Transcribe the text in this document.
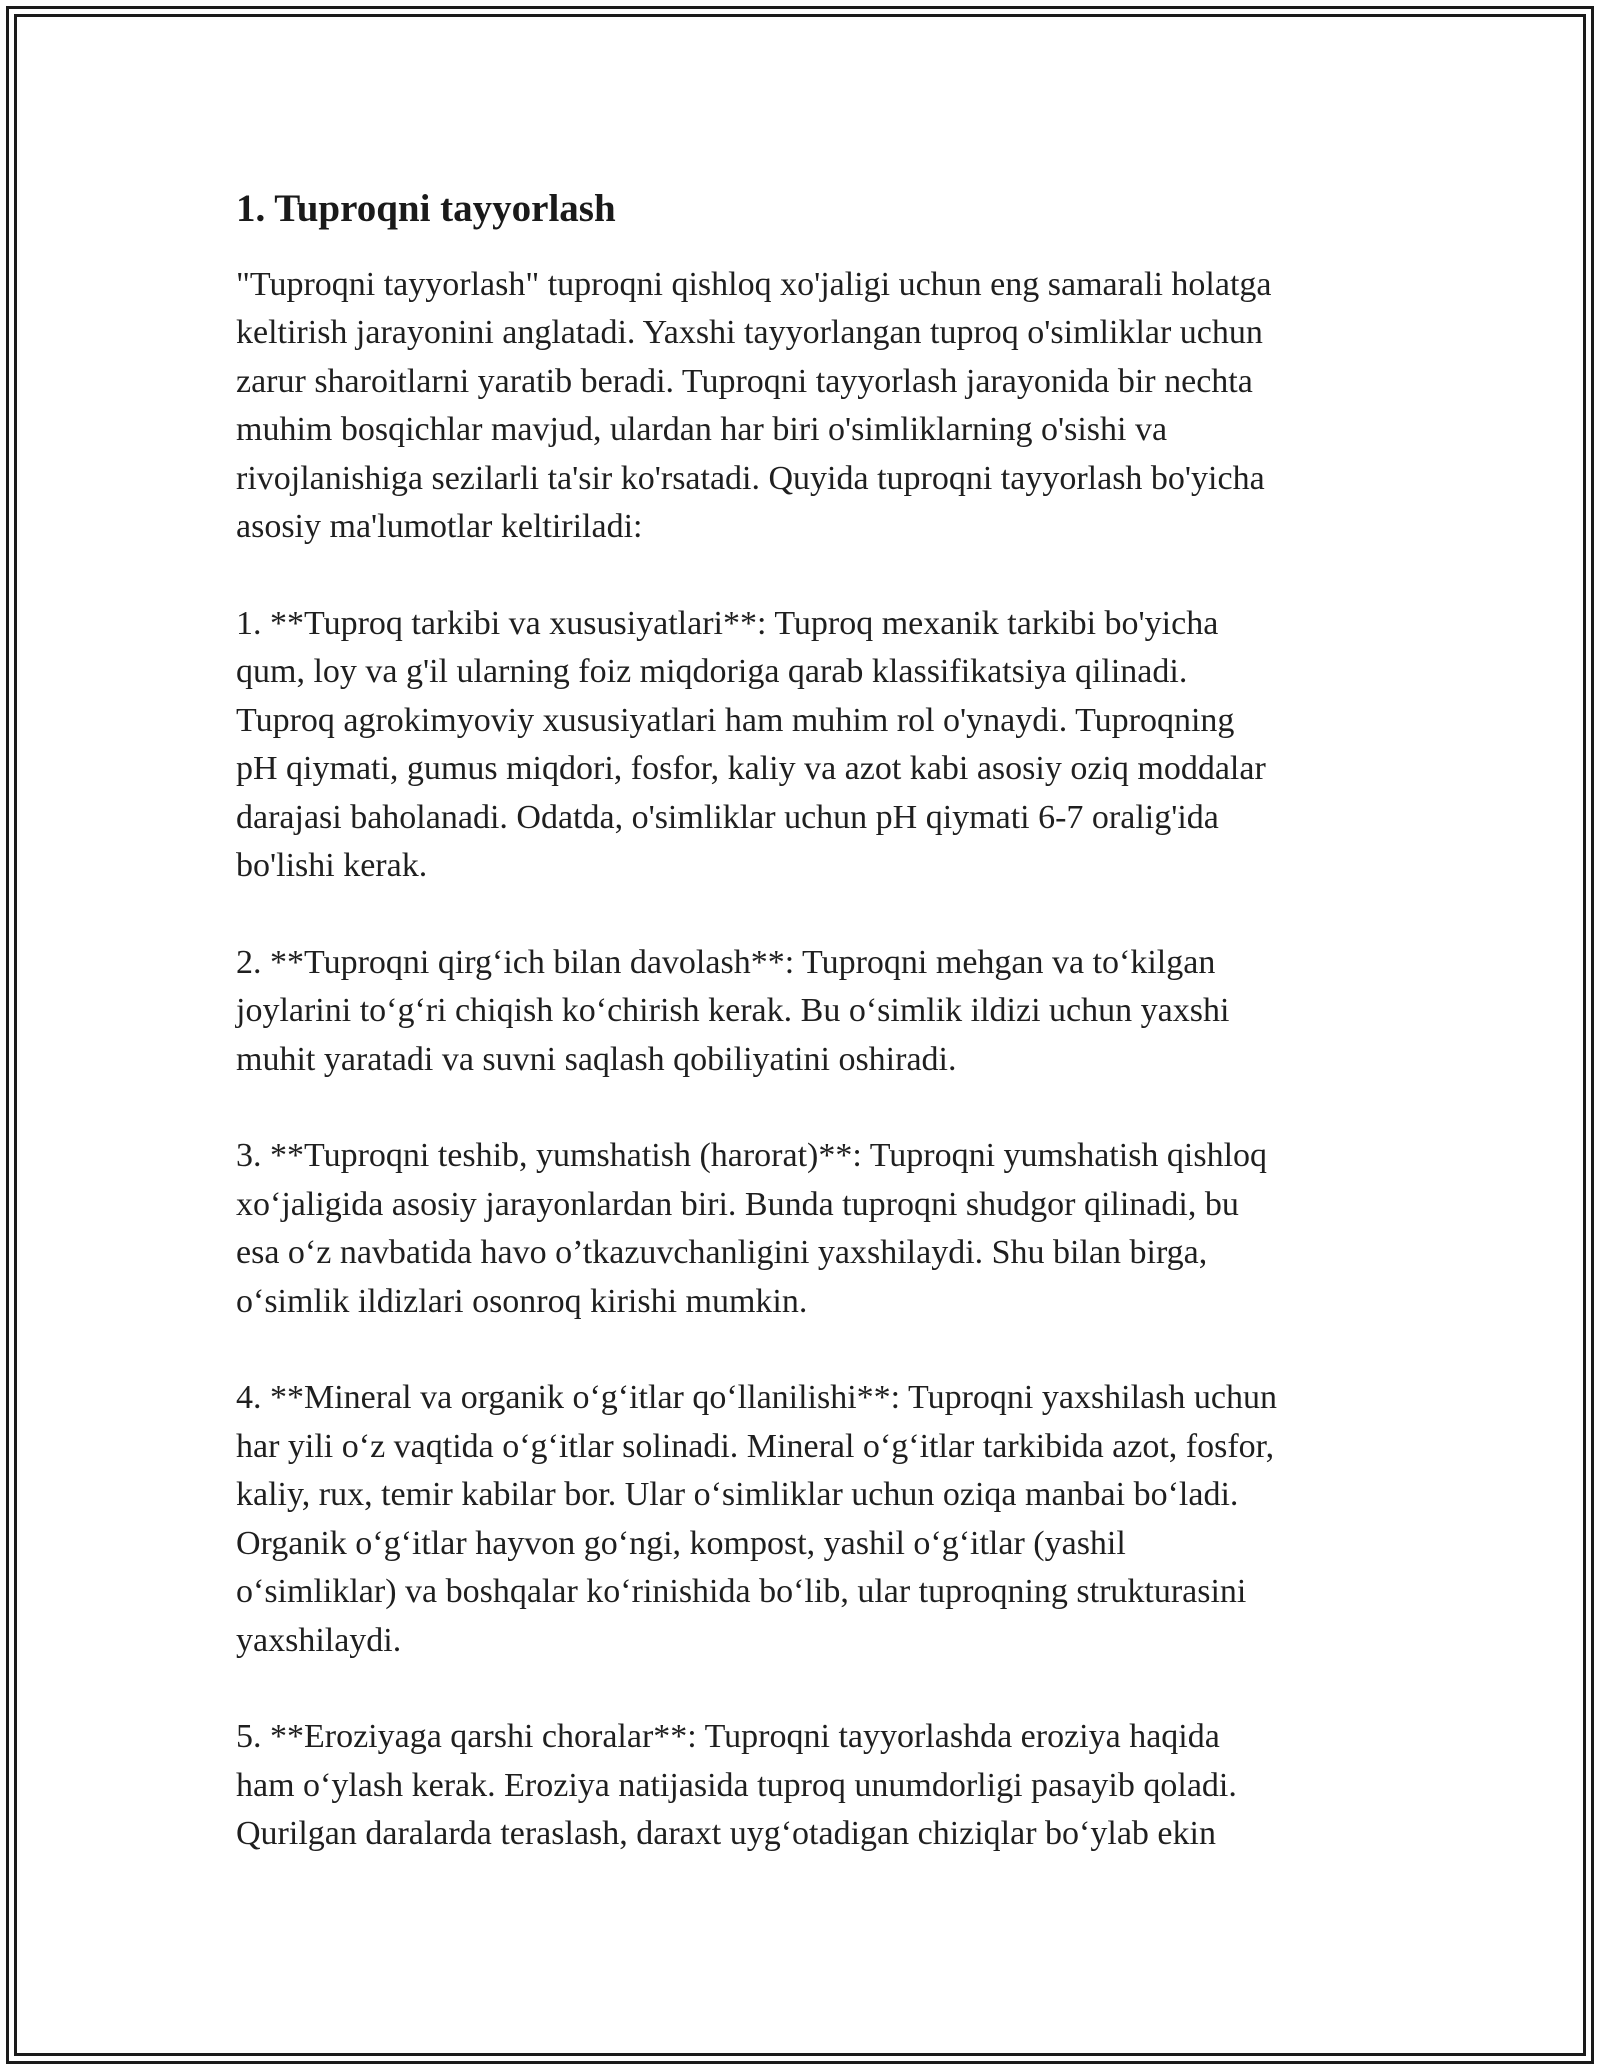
1. Tuproqni tayyorlash

"Tuproqni tayyorlash" tuproqni qishloq xo'jaligi uchun eng samarali holatga
keltirish jarayonini anglatadi. Yaxshi tayyorlangan tuproq o'simliklar uchun
zarur sharoitlarni yaratib beradi. Tuproqni tayyorlash jarayonida bir nechta
muhim bosqichlar mavjud, ulardan har biri o'simliklarning o'sishi va
rivojlanishiga sezilarli ta'sir ko'rsatadi. Quyida tuproqni tayyorlash bo'yicha
asosiy ma'lumotlar keltiriladi:

1. **Tuproq tarkibi va xususiyatlari**: Tuproq mexanik tarkibi bo'yicha
qum, loy va g'il ularning foiz miqdoriga qarab klassifikatsiya qilinadi.
Tuproq agrokimyoviy xususiyatlari ham muhim rol o'ynaydi. Tuproqning
pH qiymati, gumus miqdori, fosfor, kaliy va azot kabi asosiy oziq moddalar
darajasi baholanadi. Odatda, o'simliklar uchun pH qiymati 6-7 oralig'ida
bo'lishi kerak.

2. **Tuproqni qirg‘ich bilan davolash**: Tuproqni mehgan va to‘kilgan
joylarini to‘g‘ri chiqish ko‘chirish kerak. Bu o‘simlik ildizi uchun yaxshi
muhit yaratadi va suvni saqlash qobiliyatini oshiradi.

3. **Tuproqni teshib, yumshatish (harorat)**: Tuproqni yumshatish qishloq
xo‘jaligida asosiy jarayonlardan biri. Bunda tuproqni shudgor qilinadi, bu
esa o‘z navbatida havo o’tkazuvchanligini yaxshilaydi. Shu bilan birga,
o‘simlik ildizlari osonroq kirishi mumkin.

4. **Mineral va organik o‘g‘itlar qo‘llanilishi**: Tuproqni yaxshilash uchun
har yili o‘z vaqtida o‘g‘itlar solinadi. Mineral o‘g‘itlar tarkibida azot, fosfor,
kaliy, rux, temir kabilar bor. Ular o‘simliklar uchun oziqa manbai bo‘ladi.
Organik o‘g‘itlar hayvon go‘ngi, kompost, yashil o‘g‘itlar (yashil
o‘simliklar) va boshqalar ko‘rinishida bo‘lib, ular tuproqning strukturasini
yaxshilaydi.

5. **Eroziyaga qarshi choralar**: Tuproqni tayyorlashda eroziya haqida
ham o‘ylash kerak. Eroziya natijasida tuproq unumdorligi pasayib qoladi.
Qurilgan daralarda teraslash, daraxt uyg‘otadigan chiziqlar bo‘ylab ekin
